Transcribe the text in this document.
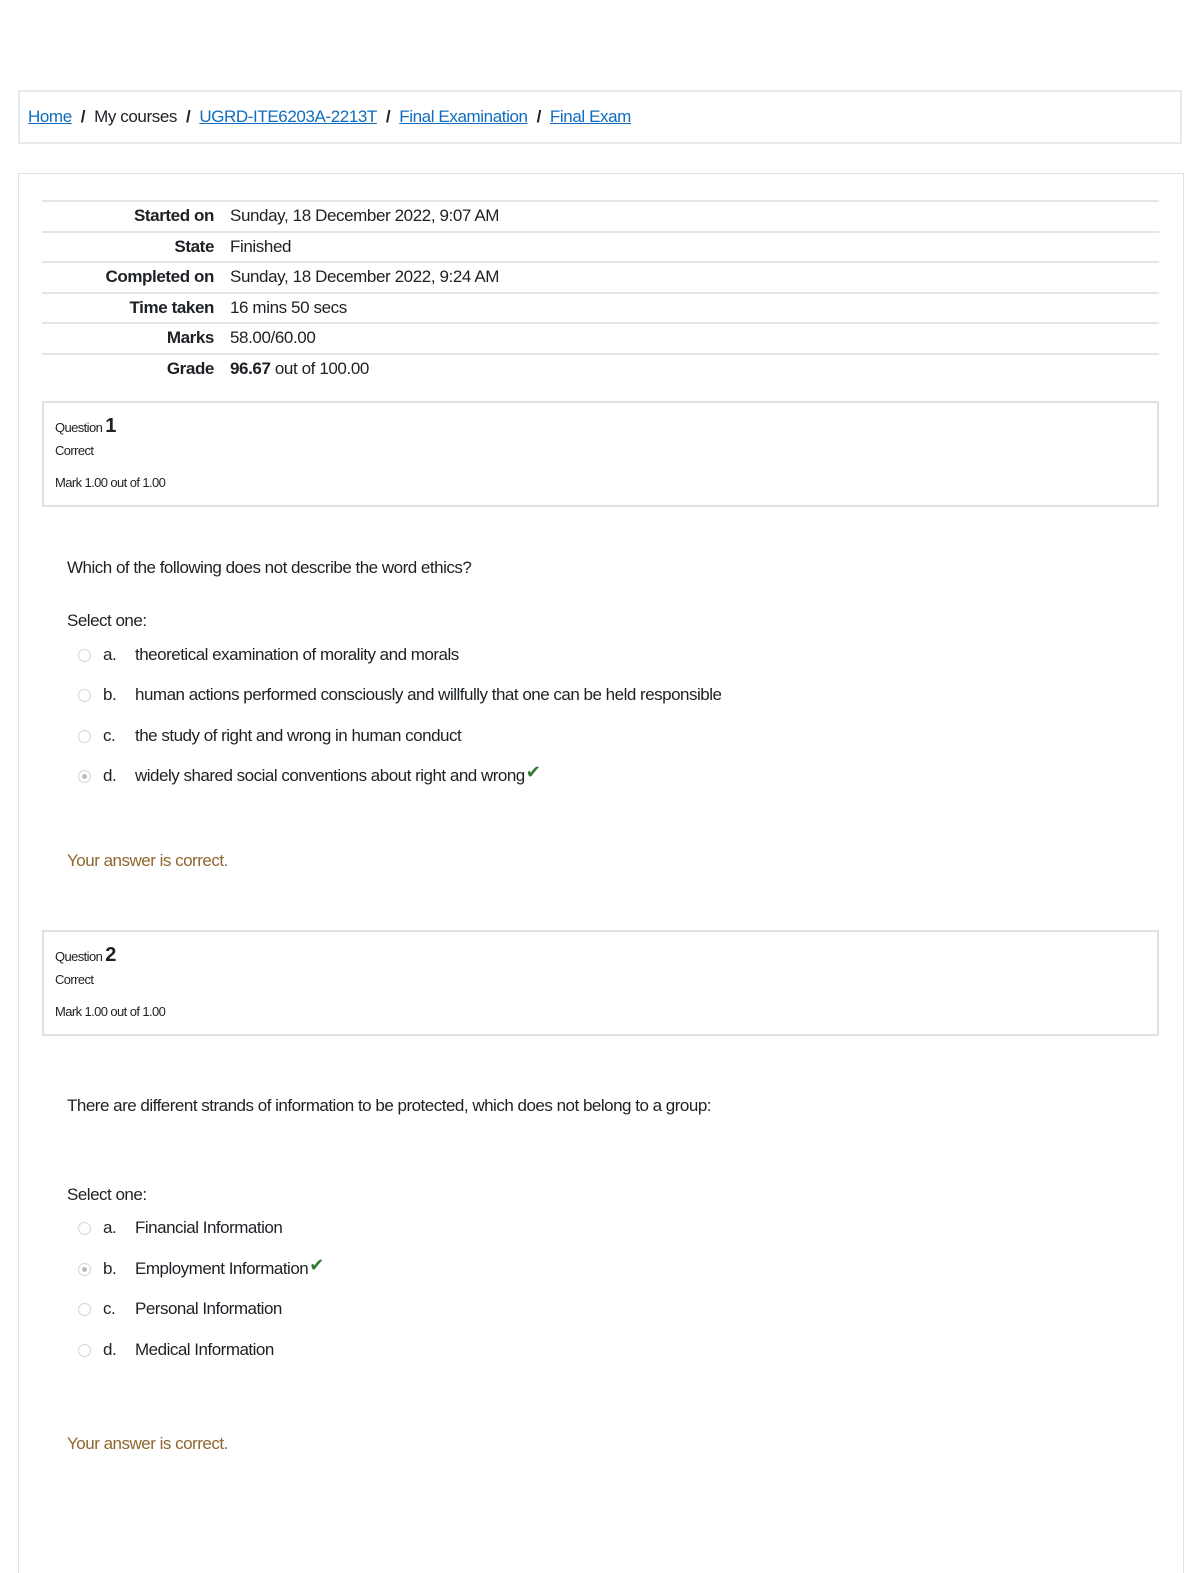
Home / My courses / UGRD-ITE6203A-2213T / Final Examination / Final Exam
Started on	Sunday, 18 December 2022, 9:07 AM
State	Finished
Completed on	Sunday, 18 December 2022, 9:24 AM
Time taken	16 mins 50 secs
Marks	58.00/60.00
Grade	96.67 out of 100.00
Question 1
Correct
Mark 1.00 out of 1.00
Which of the following does not describe the word ethics?
Select one:
a.	theoretical examination of morality and morals
b.	human actions performed consciously and willfully that one can be held responsible
c.	the study of right and wrong in human conduct
d.	widely shared social conventions about right and wrong ✔
Your answer is correct.
Question 2
Correct
Mark 1.00 out of 1.00
There are different strands of information to be protected, which does not belong to a group:
Select one:
a.	Financial Information
b.	Employment Information ✔
c.	Personal Information
d.	Medical Information
Your answer is correct.
